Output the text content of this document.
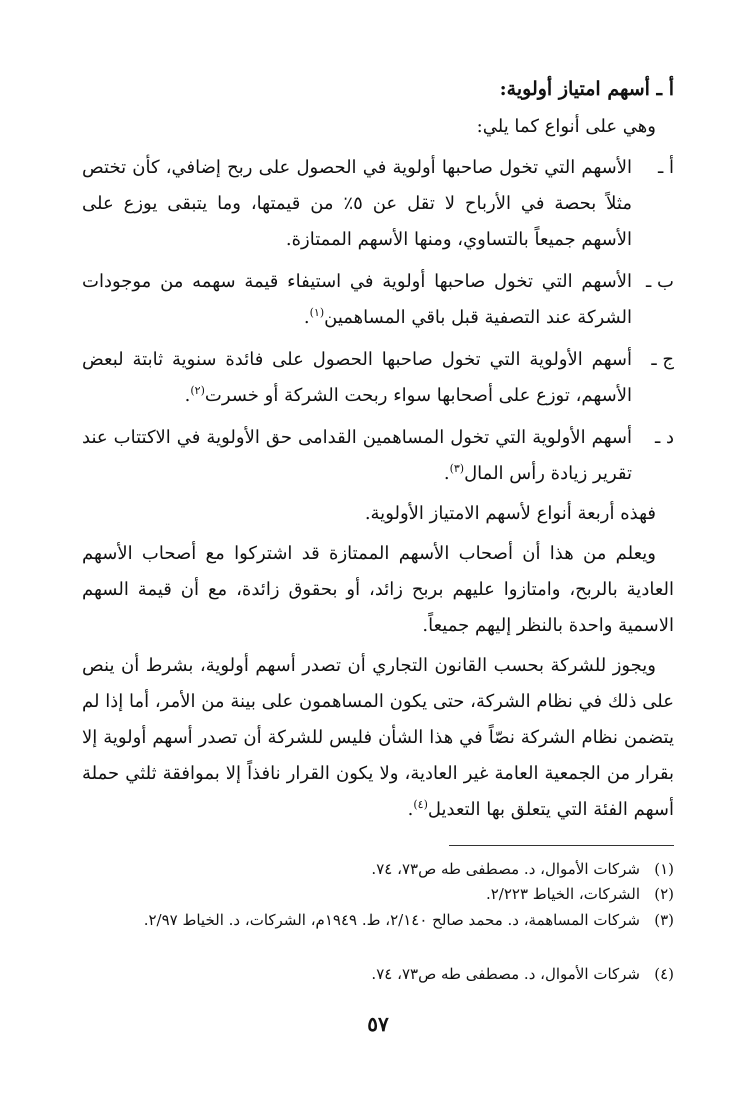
أ ـ أسهم امتياز أولوية:

وهي على أنواع كما يلي:

أ ـ
الأسهم التي تخول صاحبها أولوية في الحصول على ربح إضافي، كأن تختص مثلاً بحصة في الأرباح لا تقل عن ٥٪ من قيمتها، وما يتبقى يوزع على الأسهم جميعاً بالتساوي، ومنها الأسهم الممتازة.
ب ـ
الأسهم التي تخول صاحبها أولوية في استيفاء قيمة سهمه من موجودات الشركة عند التصفية قبل باقي المساهمين$^{(١)}$.
ج ـ
أسهم الأولوية التي تخول صاحبها الحصول على فائدة سنوية ثابتة لبعض الأسهم، توزع على أصحابها سواء ربحت الشركة أو خسرت$^{(٢)}$.
د ـ
أسهم الأولوية التي تخول المساهمين القدامى حق الأولوية في الاكتتاب عند تقرير زيادة رأس المال$^{(٣)}$.

فهذه أربعة أنواع لأسهم الامتياز الأولوية.

ويعلم من هذا أن أصحاب الأسهم الممتازة قد اشتركوا مع أصحاب الأسهم العادية بالربح، وامتازوا عليهم بربح زائد، أو بحقوق زائدة، مع أن قيمة السهم الاسمية واحدة بالنظر إليهم جميعاً.

ويجوز للشركة بحسب القانون التجاري أن تصدر أسهم أولوية، بشرط أن ينص على ذلك في نظام الشركة، حتى يكون المساهمون على بينة من الأمر، أما إذا لم يتضمن نظام الشركة نصّاً في هذا الشأن فليس للشركة أن تصدر أسهم أولوية إلا بقرار من الجمعية العامة غير العادية، ولا يكون القرار نافذاً إلا بموافقة ثلثي حملة أسهم الفئة التي يتعلق بها التعديل$^{(٤)}$.

(١)
شركات الأموال، د. مصطفى طه ص٧٣، ٧٤.
(٢)
الشركات، الخياط ٢/٢٢٣.
(٣)
شركات المساهمة، د. محمد صالح ٢/١٤٠، ط. ١٩٤٩م، الشركات، د. الخياط ٢/٩٧.
(٤)
شركات الأموال، د. مصطفى طه ص٧٣، ٧٤.
٥٧
